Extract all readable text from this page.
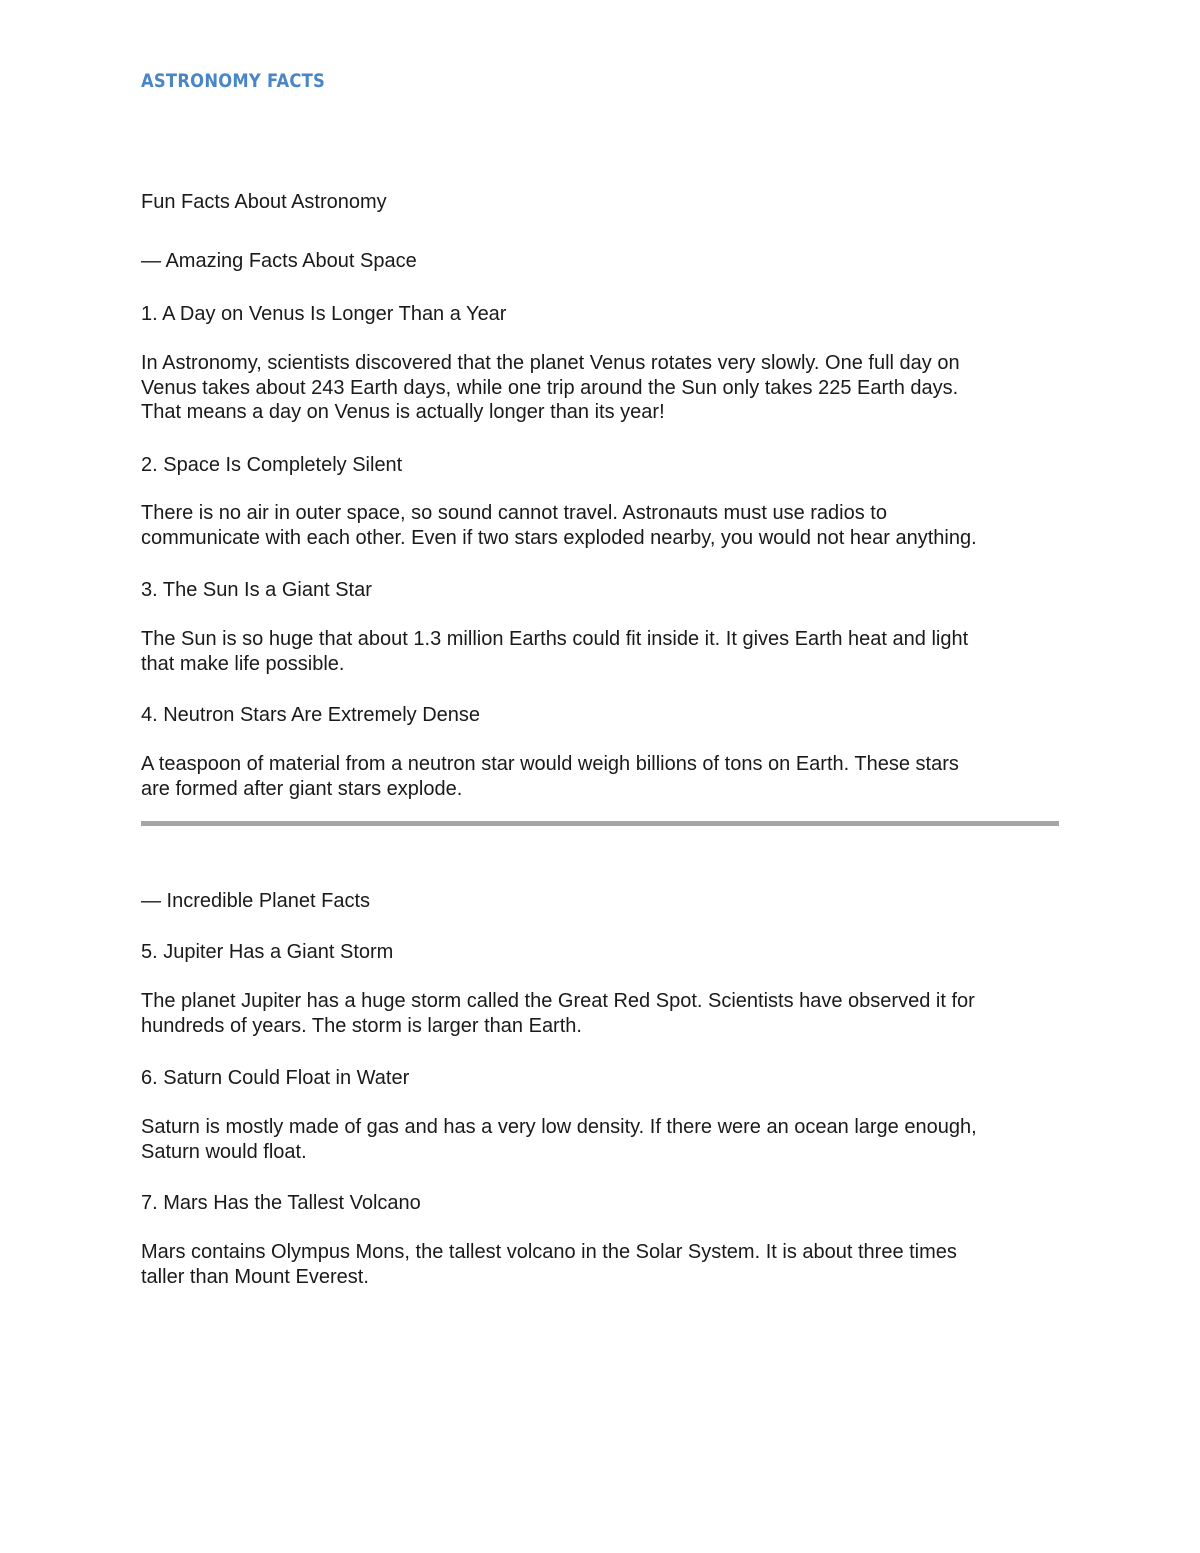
ASTRONOMY FACTS
Fun Facts About Astronomy
— Amazing Facts About Space
1. A Day on Venus Is Longer Than a Year
In Astronomy, scientists discovered that the planet Venus rotates very slowly. One full day on
Venus takes about 243 Earth days, while one trip around the Sun only takes 225 Earth days.
That means a day on Venus is actually longer than its year!
2. Space Is Completely Silent
There is no air in outer space, so sound cannot travel. Astronauts must use radios to
communicate with each other. Even if two stars exploded nearby, you would not hear anything.
3. The Sun Is a Giant Star
The Sun is so huge that about 1.3 million Earths could fit inside it. It gives Earth heat and light
that make life possible.
4. Neutron Stars Are Extremely Dense
A teaspoon of material from a neutron star would weigh billions of tons on Earth. These stars
are formed after giant stars explode.
— Incredible Planet Facts
5. Jupiter Has a Giant Storm
The planet Jupiter has a huge storm called the Great Red Spot. Scientists have observed it for
hundreds of years. The storm is larger than Earth.
6. Saturn Could Float in Water
Saturn is mostly made of gas and has a very low density. If there were an ocean large enough,
Saturn would float.
7. Mars Has the Tallest Volcano
Mars contains Olympus Mons, the tallest volcano in the Solar System. It is about three times
taller than Mount Everest.
